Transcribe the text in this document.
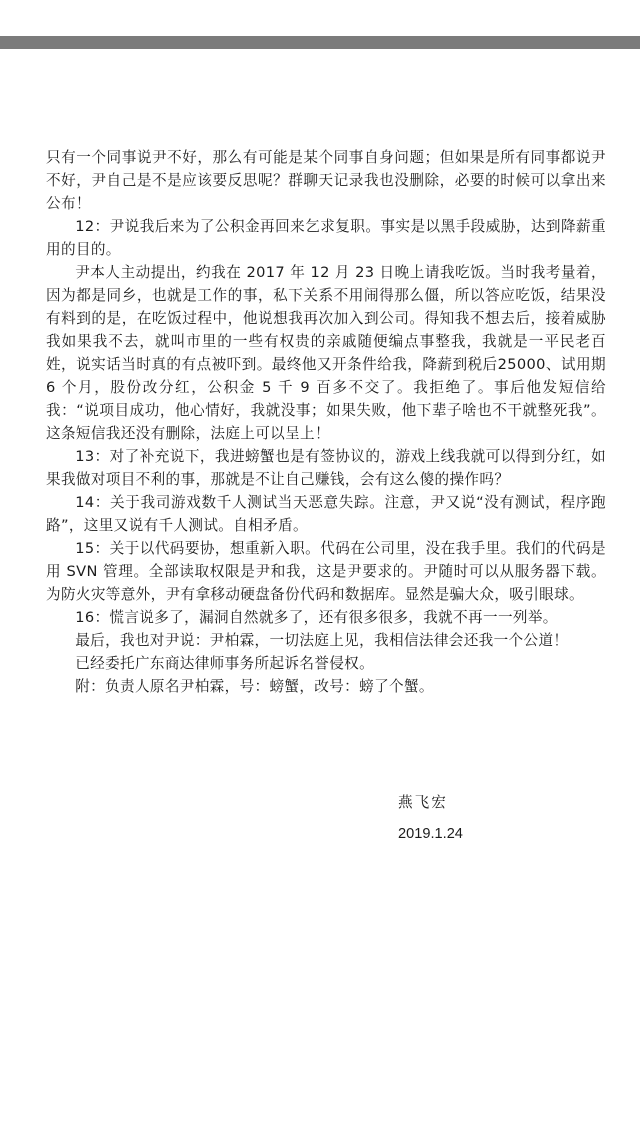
只有一个同事说尹不好，那么有可能是某个同事自身问题；但如果是所有同事都说尹不好，尹自己是不是应该要反思呢？群聊天记录我也没删除，必要的时候可以拿出来公布！

12：尹说我后来为了公积金再回来乞求复职。事实是以黑手段威胁，达到降薪重用的目的。

尹本人主动提出，约我在 2017 年 12 月 23 日晚上请我吃饭。当时我考量着，因为都是同乡，也就是工作的事，私下关系不用闹得那么僵，所以答应吃饭，结果没有料到的是，在吃饭过程中，他说想我再次加入到公司。得知我不想去后，接着威胁我如果我不去，就叫市里的一些有权贵的亲戚随便编点事整我，我就是一平民老百姓，说实话当时真的有点被吓到。最终他又开条件给我，降薪到税后25000、试用期 6 个月，股份改分红，公积金 5 千 9 百多不交了。我拒绝了。事后他发短信给我：“说项目成功，他心情好，我就没事；如果失败，他下辈子啥也不干就整死我”。这条短信我还没有删除，法庭上可以呈上！

13：对了补充说下，我进螃蟹也是有签协议的，游戏上线我就可以得到分红，如果我做对项目不利的事，那就是不让自己赚钱，会有这么傻的操作吗？

14：关于我司游戏数千人测试当天恶意失踪。注意，尹又说“没有测试，程序跑路”，这里又说有千人测试。自相矛盾。

15：关于以代码要协，想重新入职。代码在公司里，没在我手里。我们的代码是用 SVN 管理。全部读取权限是尹和我，这是尹要求的。尹随时可以从服务器下载。为防火灾等意外，尹有拿移动硬盘备份代码和数据库。显然是骗大众，吸引眼球。

16：慌言说多了，漏洞自然就多了，还有很多很多，我就不再一一列举。

最后，我也对尹说：尹柏霖，一切法庭上见，我相信法律会还我一个公道！

已经委托广东商达律师事务所起诉名誉侵权。

附：负责人原名尹柏霖，号：螃蟹，改号：螃了个蟹。

燕飞宏

2019.1.24
